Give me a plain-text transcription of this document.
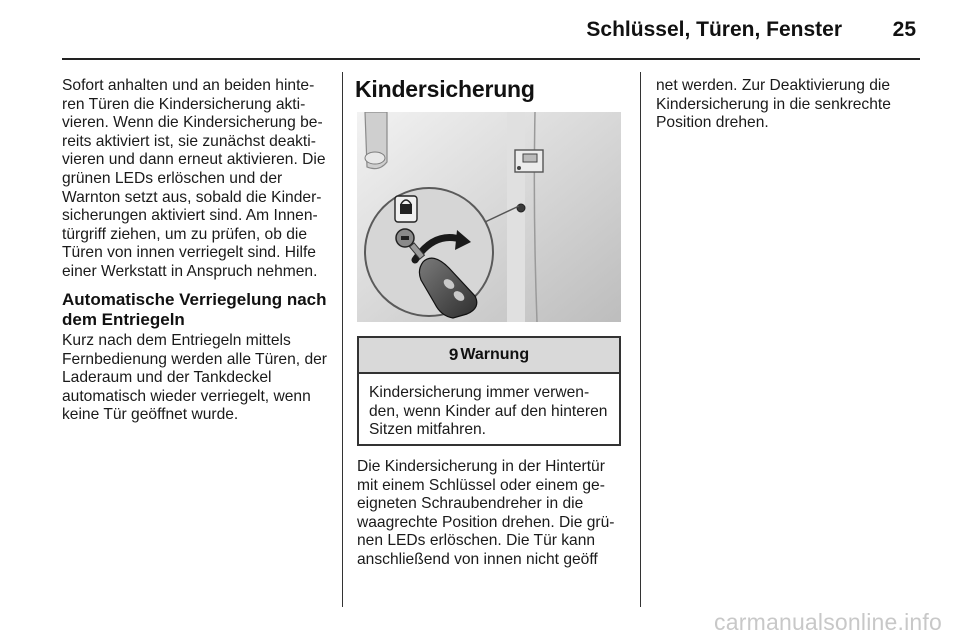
Schlüssel, Türen, Fenster 25

Sofort anhalten und an beiden hinteren Türen die Kindersicherung aktivieren. Wenn die Kindersicherung bereits aktiviert ist, sie zunächst deaktivieren und dann erneut aktivieren. Die grünen LEDs erlöschen und der Warnton setzt aus, sobald die Kindersicherungen aktiviert sind. Am Innentürgriff ziehen, um zu prüfen, ob die Türen von innen verriegelt sind. Hilfe einer Werkstatt in Anspruch nehmen.

Automatische Verriegelung nach dem Entriegeln

Kurz nach dem Entriegeln mittels Fernbedienung werden alle Türen, der Laderaum und der Tankdeckel automatisch wieder verriegelt, wenn keine Tür geöffnet wurde.

Kindersicherung
9 Warnung

Kindersicherung immer verwenden, wenn Kinder auf den hinteren Sitzen mitfahren.

Die Kindersicherung in der Hintertür mit einem Schlüssel oder einem geeigneten Schraubendreher in die waagrechte Position drehen. Die grünen LEDs erlöschen. Die Tür kann anschließend von innen nicht geöff

net werden. Zur Deaktivierung die Kindersicherung in die senkrechte Position drehen.

carmanualsonline.info
